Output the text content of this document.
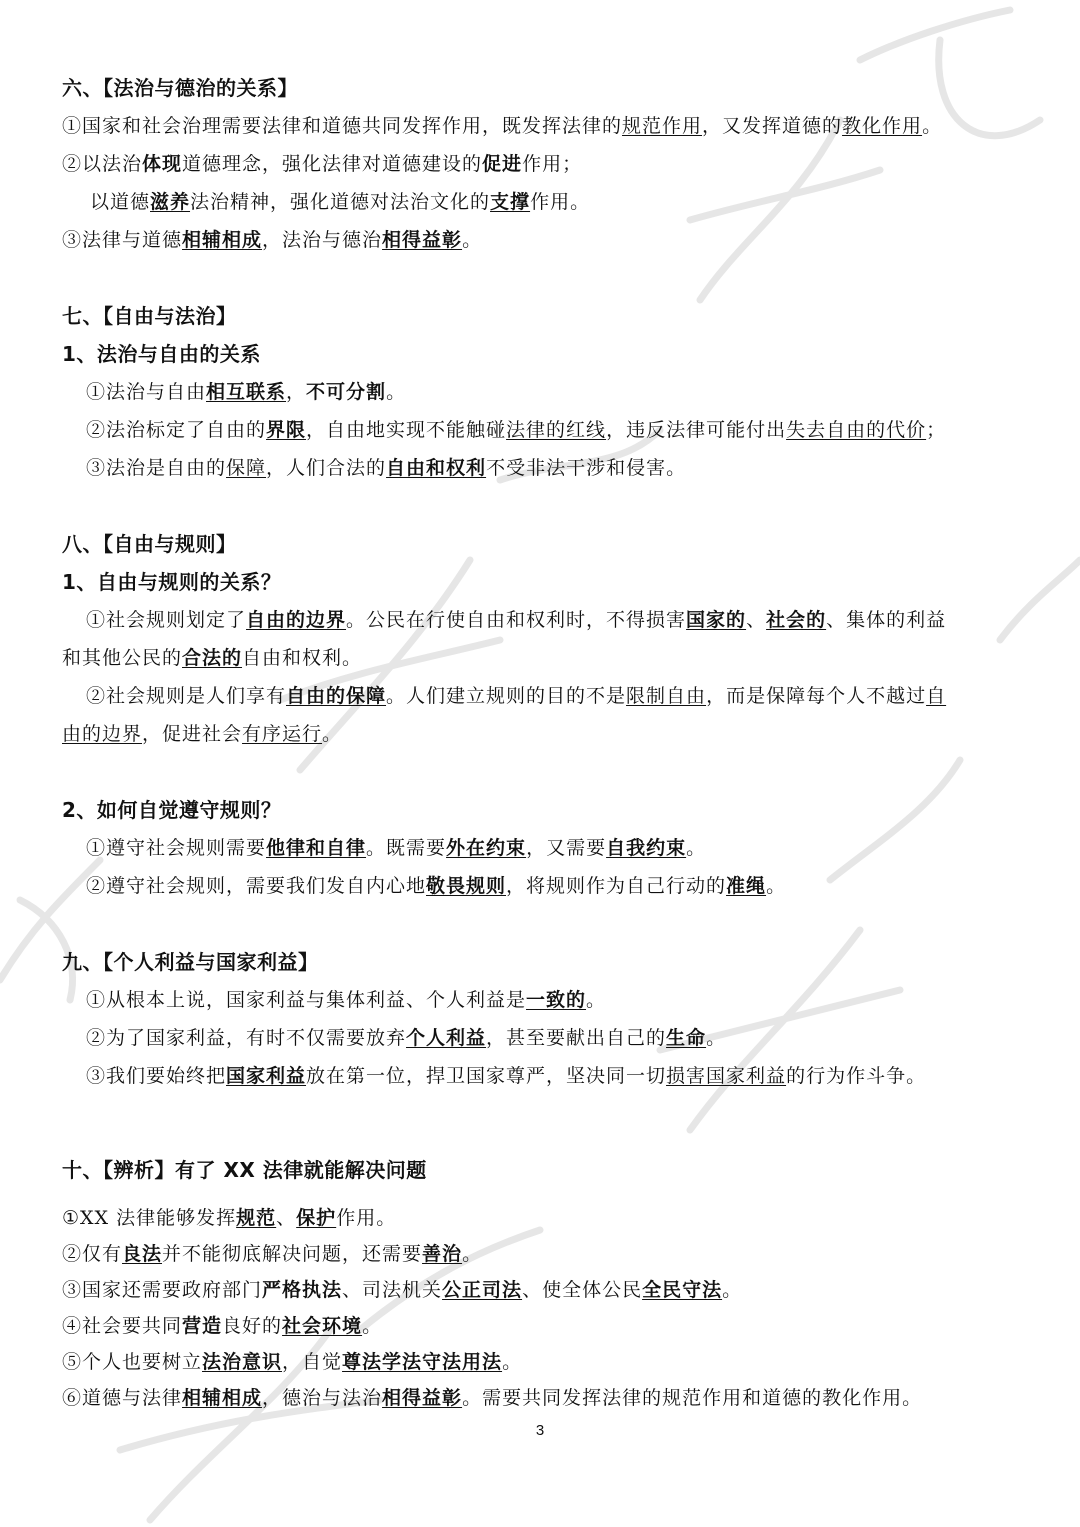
六、【法治与德治的关系】
①国家和社会治理需要法律和道德共同发挥作用，既发挥法律的规范作用，又发挥道德的教化作用。
②以法治体现道德理念，强化法律对道德建设的促进作用；
以道德滋养法治精神，强化道德对法治文化的支撑作用。
③法律与道德相辅相成，法治与德治相得益彰。
七、【自由与法治】
1、法治与自由的关系
①法治与自由相互联系，不可分割。
②法治标定了自由的界限，自由地实现不能触碰法律的红线，违反法律可能付出失去自由的代价；
③法治是自由的保障，人们合法的自由和权利不受非法干涉和侵害。
八、【自由与规则】
1、自由与规则的关系？
①社会规则划定了自由的边界。公民在行使自由和权利时，不得损害国家的、社会的、集体的利益
和其他公民的合法的自由和权利。
②社会规则是人们享有自由的保障。人们建立规则的目的不是限制自由，而是保障每个人不越过自
由的边界，促进社会有序运行。
2、如何自觉遵守规则？
①遵守社会规则需要他律和自律。既需要外在约束，又需要自我约束。
②遵守社会规则，需要我们发自内心地敬畏规则，将规则作为自己行动的准绳。
九、【个人利益与国家利益】
①从根本上说，国家利益与集体利益、个人利益是一致的。
②为了国家利益，有时不仅需要放弃个人利益，甚至要献出自己的生命。
③我们要始终把国家利益放在第一位，捍卫国家尊严，坚决同一切损害国家利益的行为作斗争。
十、【辨析】有了 XX 法律就能解决问题
①XX 法律能够发挥规范、保护作用。
②仅有良法并不能彻底解决问题，还需要善治。
③国家还需要政府部门严格执法、司法机关公正司法、使全体公民全民守法。
④社会要共同营造良好的社会环境。
⑤个人也要树立法治意识，自觉尊法学法守法用法。
⑥道德与法律相辅相成，德治与法治相得益彰。需要共同发挥法律的规范作用和道德的教化作用。
3
